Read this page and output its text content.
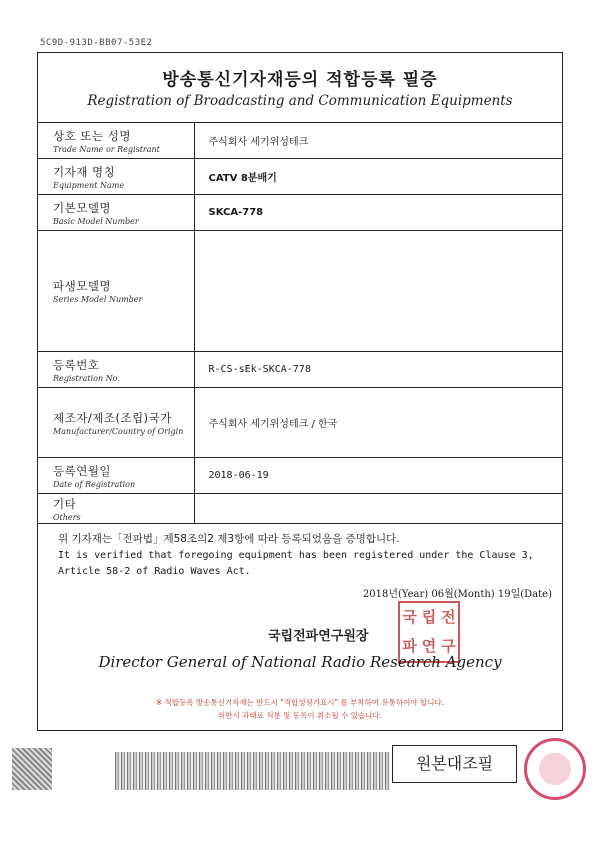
5C9D-913D-BB07-53E2
방송통신기자재등의 적합등록 필증
Registration of Broadcasting and Communication Equipments
상호 또는 성명
Trade Name or Registrant	주식회사 세기위성테크

기자재 명칭
Equipment Name	CATV 8분배기

기본모델명
Basic Model Number	SKCA-778

파생모델명
Series Model Number	

등록번호
Registration No.	R-CS-sEk-SKCA-778

제조자/제조(조립)국가
Manufacturer/Country of Origin	주식회사 세기위성테크 / 한국

등록연월일
Date of Registration	2018-06-19

기타
Others	

위 기자재는「전파법」제58조의2 제3항에 따라 등록되었음을 증명합니다.
It is verified that foregoing equipment has been registered under the Clause 3, Article 58-2 of Radio Waves Act.
2018년(Year) 06월(Month) 19일(Date)
국립전파연구원장
국 립 전
파 연 구
Director General of National Radio Research Agency
※ 적합등록 방송통신기자재는 반드시 "적합성평가표시" 를 부착하여 유통하여야 합니다.
위반시 과태료 처분 및 등록이 취소될 수 있습니다.
원본대조필
